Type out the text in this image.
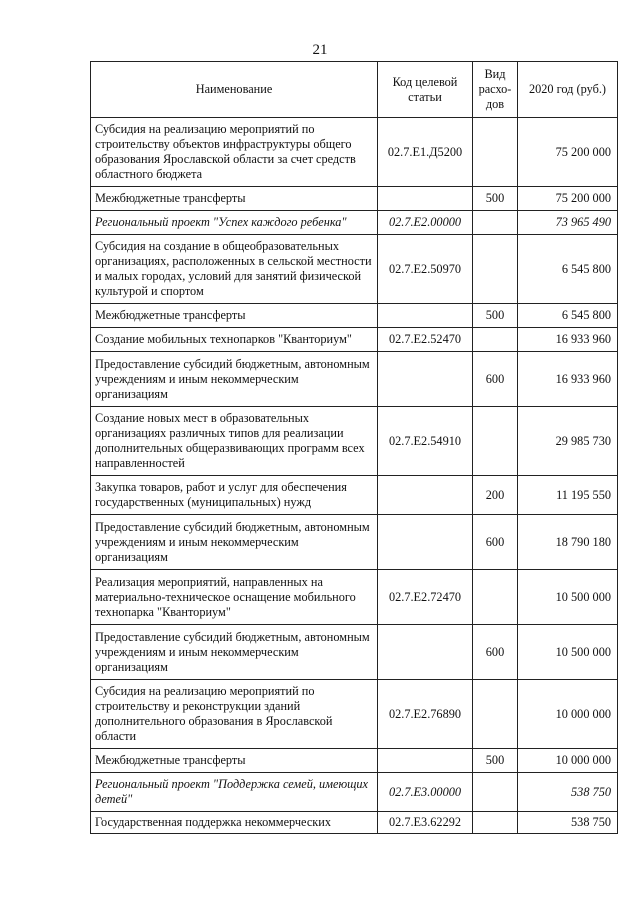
21
Наименование	Код целевой статьи	Вид расхо-дов	2020 год (руб.)
Субсидия на реализацию мероприятий по строительству объектов инфраструктуры общего образования Ярославской области за счет средств областного бюджета	02.7.E1.Д5200		75 200 000
Межбюджетные трансферты		500	75 200 000
Региональный проект "Успех каждого ребенка"	02.7.E2.00000		73 965 490
Субсидия на создание в общеобразовательных организациях, расположенных в сельской местности и малых городах, условий для занятий физической культурой и спортом	02.7.E2.50970		6 545 800
Межбюджетные трансферты		500	6 545 800
Создание мобильных технопарков "Кванториум"	02.7.E2.52470		16 933 960
Предоставление субсидий бюджетным, автономным учреждениям и иным некоммерческим организациям		600	16 933 960
Создание новых мест в образовательных организациях различных типов для реализации дополнительных общеразвивающих программ всех направленностей	02.7.E2.54910		29 985 730
Закупка товаров, работ и услуг для обеспечения государственных (муниципальных) нужд		200	11 195 550
Предоставление субсидий бюджетным, автономным учреждениям и иным некоммерческим организациям		600	18 790 180
Реализация мероприятий, направленных на материально-техническое оснащение мобильного технопарка "Кванториум"	02.7.E2.72470		10 500 000
Предоставление субсидий бюджетным, автономным учреждениям и иным некоммерческим организациям		600	10 500 000
Субсидия на реализацию мероприятий по строительству и реконструкции зданий дополнительного образования в Ярославской области	02.7.E2.76890		10 000 000
Межбюджетные трансферты		500	10 000 000
Региональный проект "Поддержка семей, имеющих детей"	02.7.E3.00000		538 750
Государственная поддержка некоммерческих	02.7.E3.62292		538 750
